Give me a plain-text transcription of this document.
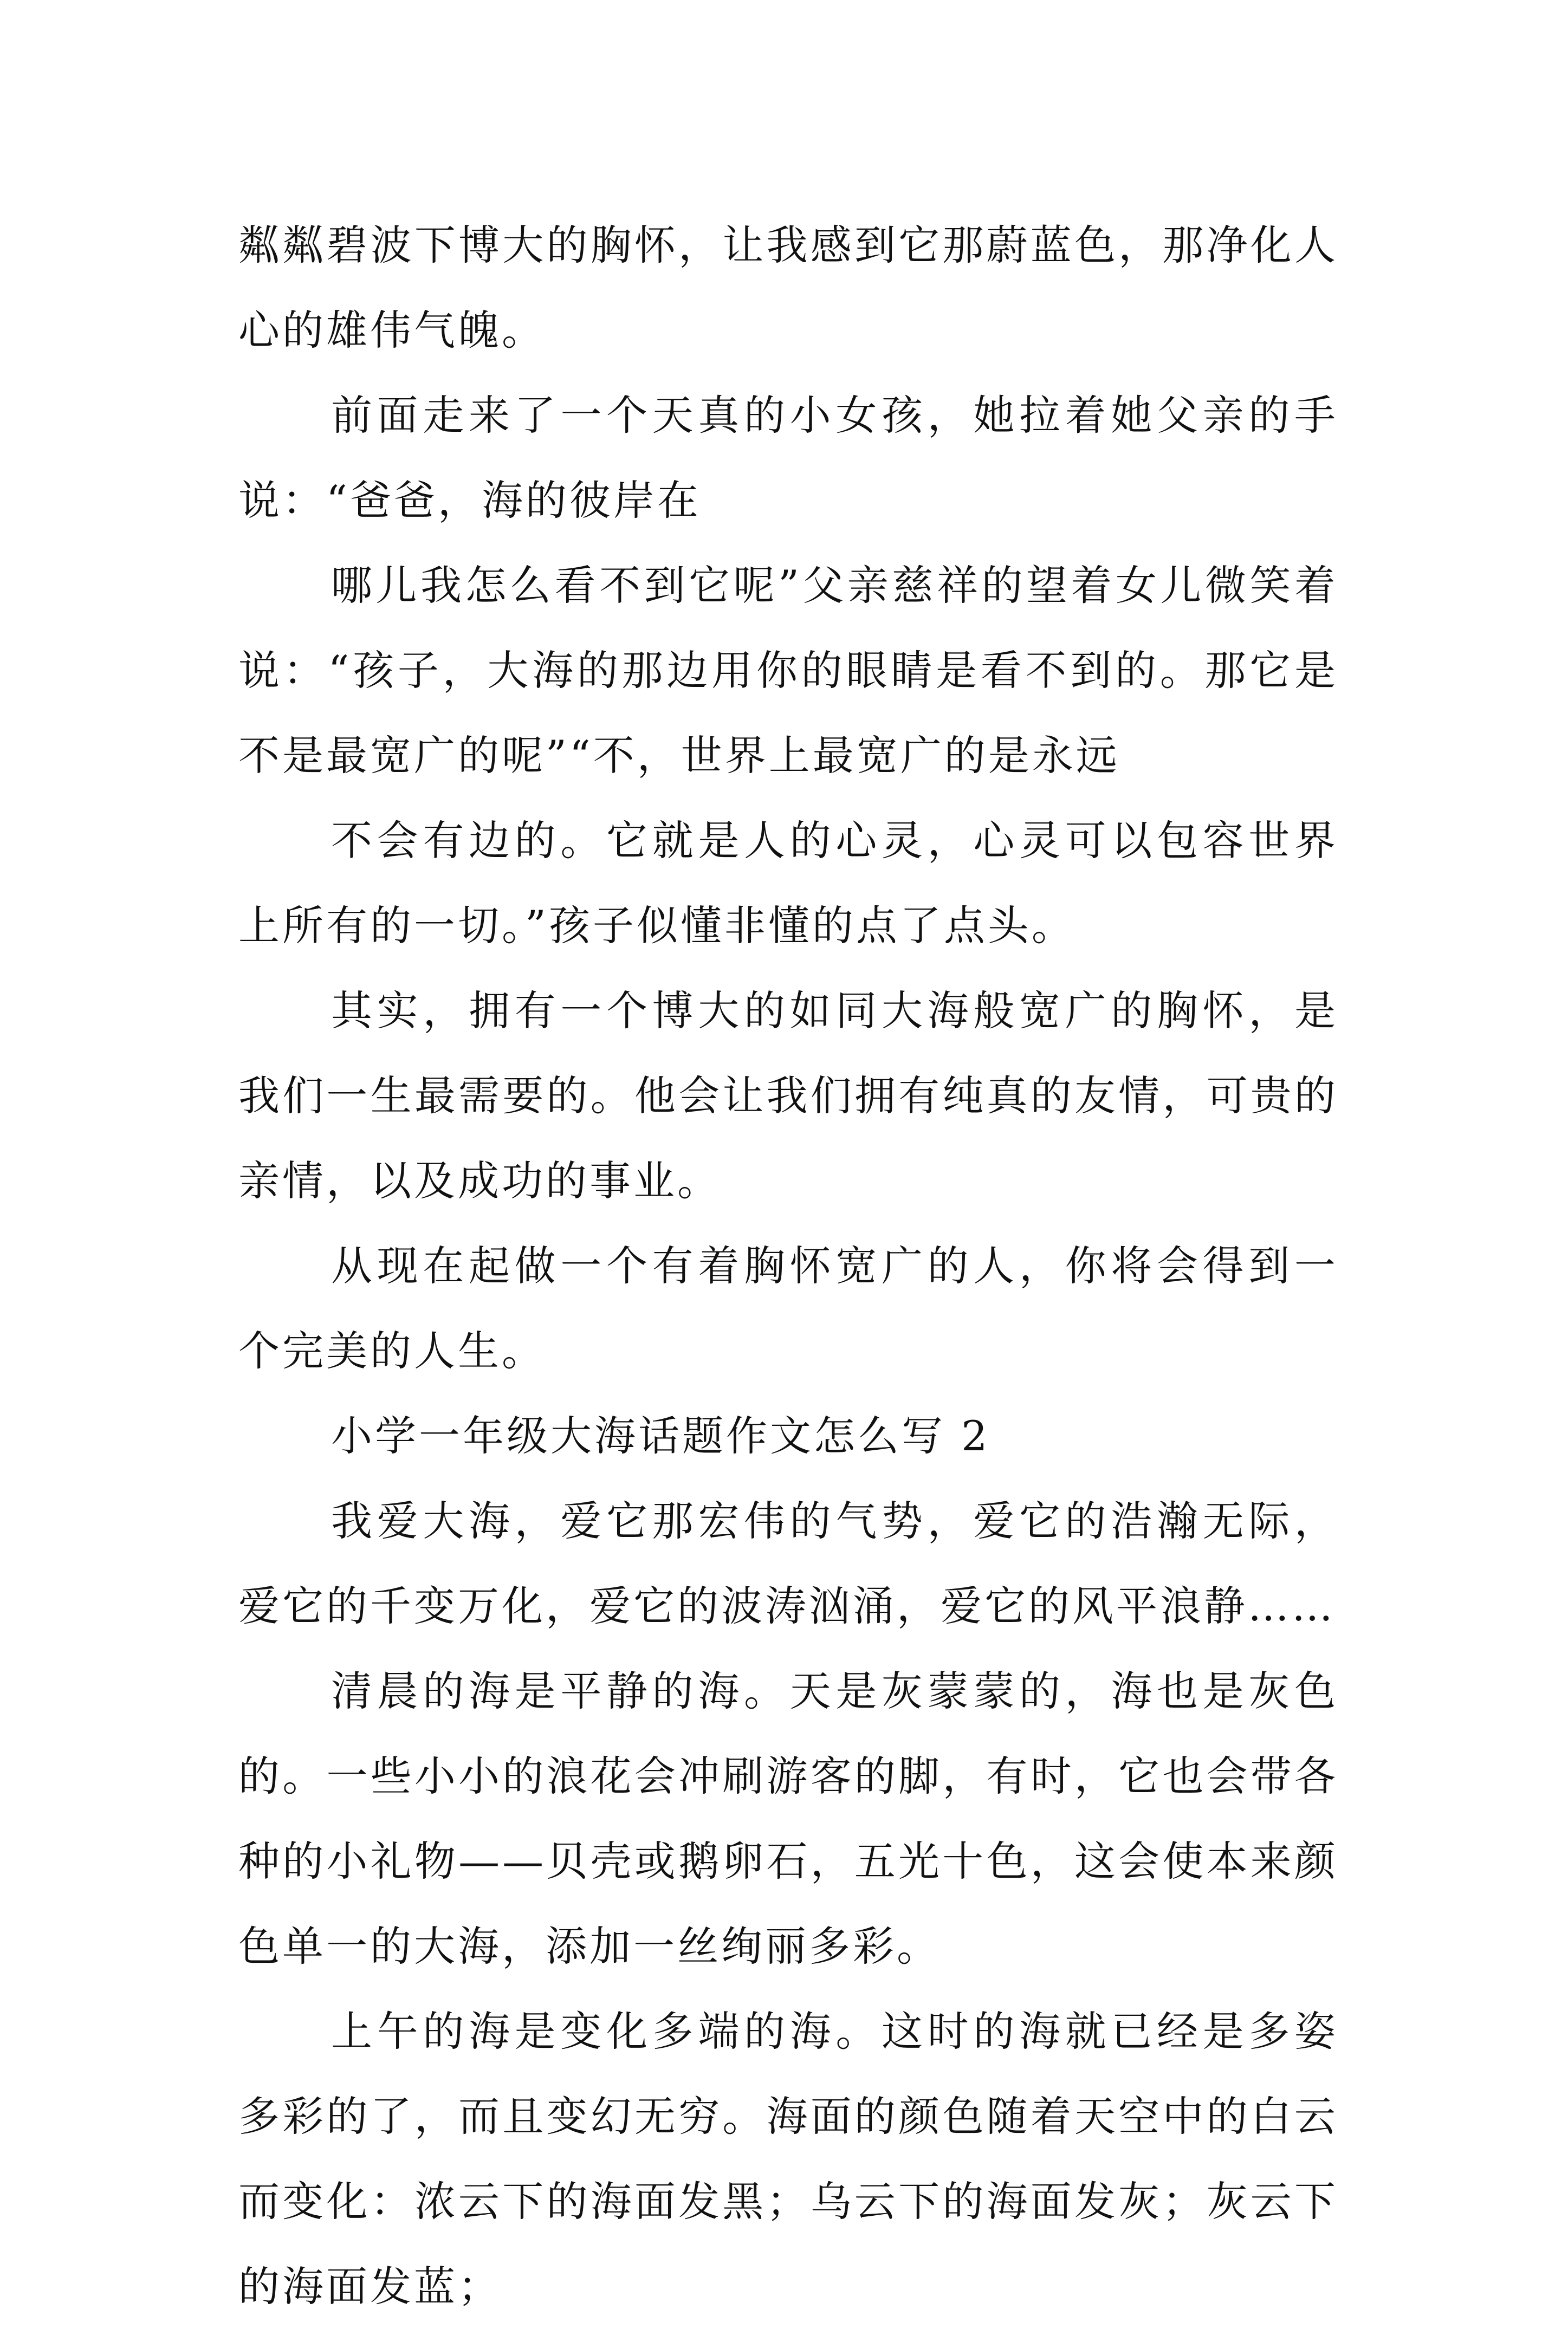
粼粼碧波下博大的胸怀，让我感到它那蔚蓝色，那净化人心的雄伟气魄。

前面走来了一个天真的小女孩，她拉着她父亲的手说：“爸爸，海的彼岸在

哪儿我怎么看不到它呢”父亲慈祥的望着女儿微笑着说：“孩子，大海的那边用你的眼睛是看不到的。那它是不是最宽广的呢”“不，世界上最宽广的是永远

不会有边的。它就是人的心灵，心灵可以包容世界上所有的一切。”孩子似懂非懂的点了点头。

其实，拥有一个博大的如同大海般宽广的胸怀，是我们一生最需要的。他会让我们拥有纯真的友情，可贵的亲情，以及成功的事业。

从现在起做一个有着胸怀宽广的人，你将会得到一个完美的人生。

小学一年级大海话题作文怎么写 2

我爱大海，爱它那宏伟的气势，爱它的浩瀚无际，爱它的千变万化，爱它的波涛汹涌，爱它的风平浪静……

清晨的海是平静的海。天是灰蒙蒙的，海也是灰色的。一些小小的浪花会冲刷游客的脚，有时，它也会带各种的小礼物——贝壳或鹅卵石，五光十色，这会使本来颜色单一的大海，添加一丝绚丽多彩。

上午的海是变化多端的海。这时的海就已经是多姿多彩的了，而且变幻无穷。海面的颜色随着天空中的白云而变化：浓云下的海面发黑；乌云下的海面发灰；灰云下的海面发蓝；
